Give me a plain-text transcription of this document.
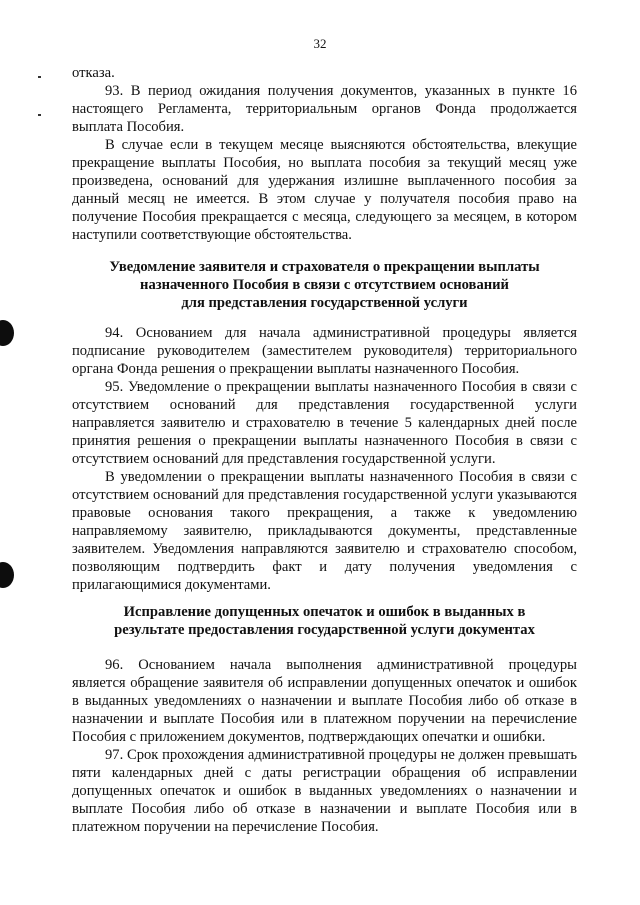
32

отказа.

93. В период ожидания получения документов, указанных в пункте 16 настоящего Регламента, территориальным органов Фонда продолжается выплата Пособия.

В случае если в текущем месяце выясняются обстоятельства, влекущие прекращение выплаты Пособия, но выплата пособия за текущий месяц уже произведена, оснований для удержания излишне выплаченного пособия за данный месяц не имеется. В этом случае у получателя пособия право на получение Пособия прекращается с месяца, следующего за месяцем, в котором наступили соответствующие обстоятельства.

Уведомление заявителя и страхователя о прекращении выплаты
назначенного Пособия в связи с отсутствием оснований
для представления государственной услуги

94. Основанием для начала административной процедуры является подписание руководителем (заместителем руководителя) территориального органа Фонда решения о прекращении выплаты назначенного Пособия.

95. Уведомление о прекращении выплаты назначенного Пособия в связи с отсутствием оснований для представления государственной услуги направляется заявителю и страхователю в течение 5 календарных дней после принятия решения о прекращении выплаты назначенного Пособия в связи с отсутствием оснований для представления государственной услуги.

В уведомлении о прекращении выплаты назначенного Пособия в связи с отсутствием оснований для представления государственной услуги указываются правовые основания такого прекращения, а также к уведомлению направляемому заявителю, прикладываются документы, представленные заявителем. Уведомления направляются заявителю и страхователю способом, позволяющим подтвердить факт и дату получения уведомления с прилагающимися документами.

Исправление допущенных опечаток и ошибок в выданных в
результате предоставления государственной услуги документах

96. Основанием начала выполнения административной процедуры является обращение заявителя об исправлении допущенных опечаток и ошибок в выданных уведомлениях о назначении и выплате Пособия либо об отказе в назначении и выплате Пособия или в платежном поручении на перечисление Пособия с приложением документов, подтверждающих опечатки и ошибки.

97. Срок прохождения административной процедуры не должен превышать пяти календарных дней с даты регистрации обращения об исправлении допущенных опечаток и ошибок в выданных уведомлениях о назначении и выплате Пособия либо об отказе в назначении и выплате Пособия или в платежном поручении на перечисление Пособия.
